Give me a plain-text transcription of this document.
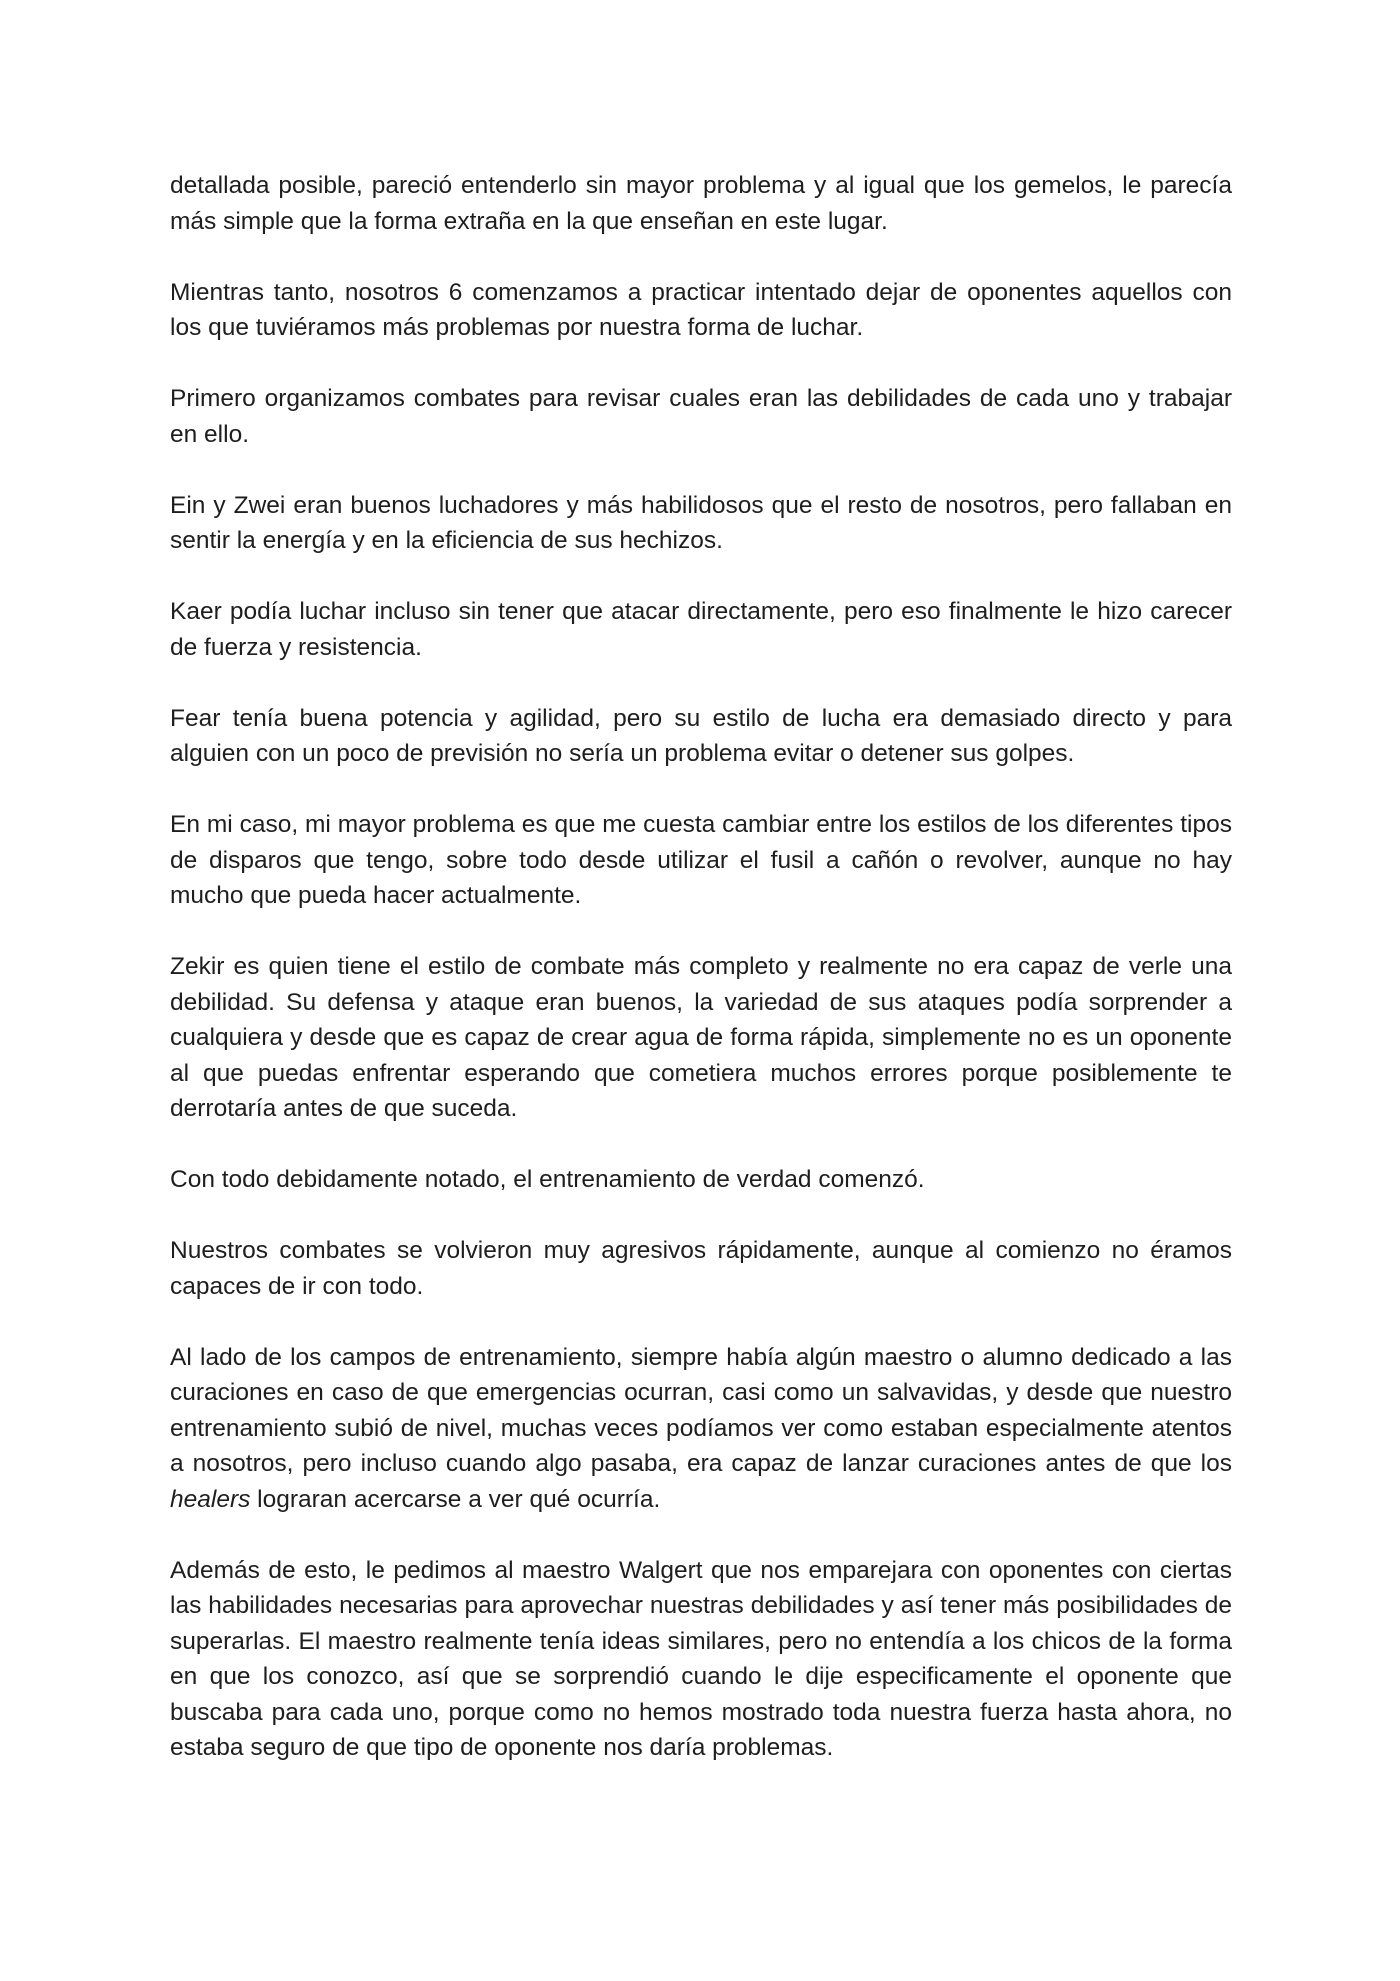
detallada posible, pareció entenderlo sin mayor problema y al igual que los gemelos, le parecía más simple que la forma extraña en la que enseñan en este lugar.

Mientras tanto, nosotros 6 comenzamos a practicar intentado dejar de oponentes aquellos con los que tuviéramos más problemas por nuestra forma de luchar.

Primero organizamos combates para revisar cuales eran las debilidades de cada uno y trabajar en ello.

Ein y Zwei eran buenos luchadores y más habilidosos que el resto de nosotros, pero fallaban en sentir la energía y en la eficiencia de sus hechizos.

Kaer podía luchar incluso sin tener que atacar directamente, pero eso finalmente le hizo carecer de fuerza y resistencia.

Fear tenía buena potencia y agilidad, pero su estilo de lucha era demasiado directo y para alguien con un poco de previsión no sería un problema evitar o detener sus golpes.

En mi caso, mi mayor problema es que me cuesta cambiar entre los estilos de los diferentes tipos de disparos que tengo, sobre todo desde utilizar el fusil a cañón o revolver, aunque no hay mucho que pueda hacer actualmente.

Zekir es quien tiene el estilo de combate más completo y realmente no era capaz de verle una debilidad. Su defensa y ataque eran buenos, la variedad de sus ataques podía sorprender a cualquiera y desde que es capaz de crear agua de forma rápida, simplemente no es un oponente al que puedas enfrentar esperando que cometiera muchos errores porque posiblemente te derrotaría antes de que suceda.

Con todo debidamente notado, el entrenamiento de verdad comenzó.

Nuestros combates se volvieron muy agresivos rápidamente, aunque al comienzo no éramos capaces de ir con todo.

Al lado de los campos de entrenamiento, siempre había algún maestro o alumno dedicado a las curaciones en caso de que emergencias ocurran, casi como un salvavidas, y desde que nuestro entrenamiento subió de nivel, muchas veces podíamos ver como estaban especialmente atentos a nosotros, pero incluso cuando algo pasaba, era capaz de lanzar curaciones antes de que los healers lograran acercarse a ver qué ocurría.

Además de esto, le pedimos al maestro Walgert que nos emparejara con oponentes con ciertas las habilidades necesarias para aprovechar nuestras debilidades y así tener más posibilidades de superarlas. El maestro realmente tenía ideas similares, pero no entendía a los chicos de la forma en que los conozco, así que se sorprendió cuando le dije especificamente el oponente que buscaba para cada uno, porque como no hemos mostrado toda nuestra fuerza hasta ahora, no estaba seguro de que tipo de oponente nos daría problemas.
